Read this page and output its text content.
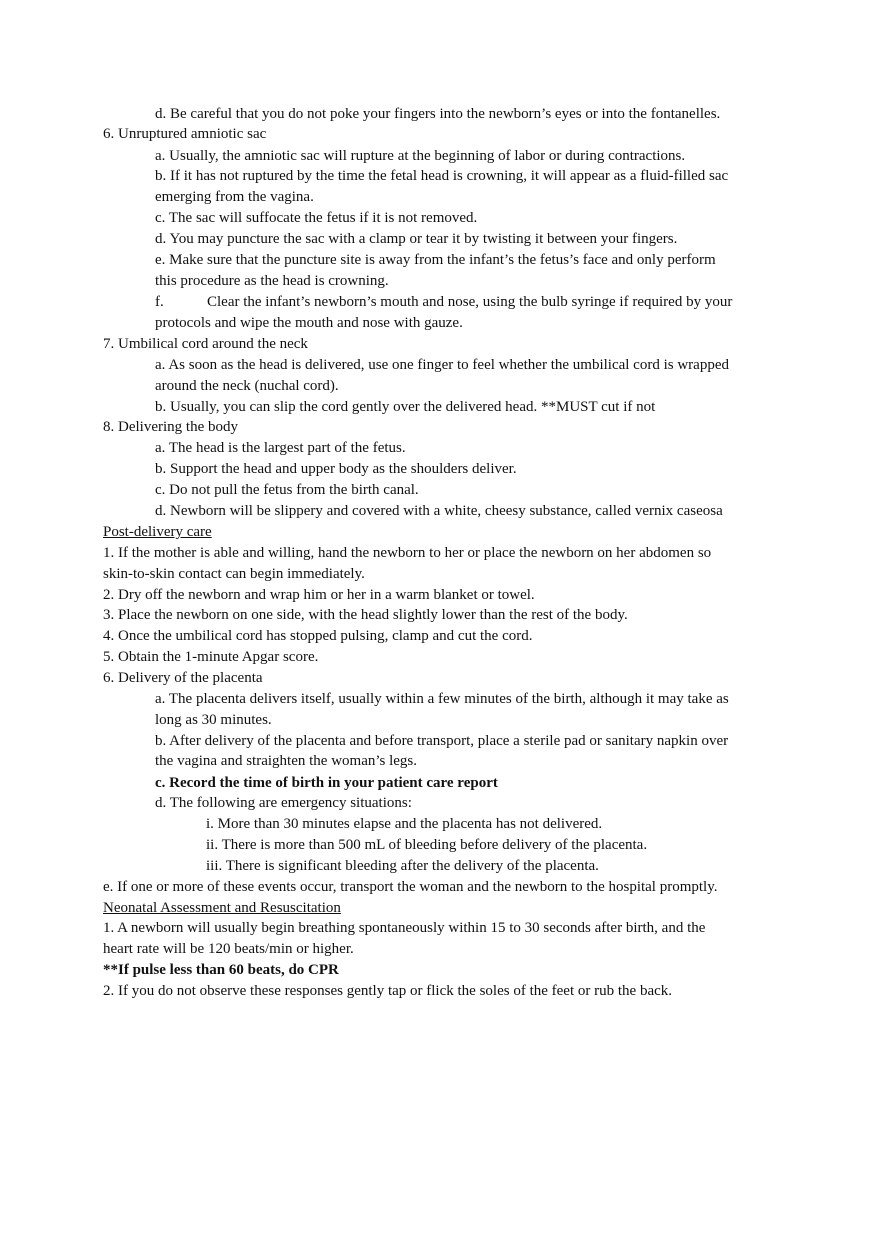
d. Be careful that you do not poke your fingers into the newborn’s eyes or into the fontanelles.
6. Unruptured amniotic sac
a. Usually, the amniotic sac will rupture at the beginning of labor or during contractions.
b. If it has not ruptured by the time the fetal head is crowning, it will appear as a fluid-filled sac
emerging from the vagina.
c. The sac will suffocate the fetus if it is not removed.
d. You may puncture the sac with a clamp or tear it by twisting it between your fingers.
e. Make sure that the puncture site is away from the infant’s the fetus’s face and only perform
this procedure as the head is crowning.
f.	Clear the infant’s newborn’s mouth and nose, using the bulb syringe if required by your
protocols and wipe the mouth and nose with gauze.
7. Umbilical cord around the neck
a. As soon as the head is delivered, use one finger to feel whether the umbilical cord is wrapped
around the neck (nuchal cord).
b. Usually, you can slip the cord gently over the delivered head. **MUST cut if not
8. Delivering the body
a. The head is the largest part of the fetus.
b. Support the head and upper body as the shoulders deliver.
c. Do not pull the fetus from the birth canal.
d. Newborn will be slippery and covered with a white, cheesy substance, called vernix caseosa
Post-delivery care
1. If the mother is able and willing, hand the newborn to her or place the newborn on her abdomen so
skin-to-skin contact can begin immediately.
2. Dry off the newborn and wrap him or her in a warm blanket or towel.
3. Place the newborn on one side, with the head slightly lower than the rest of the body.
4. Once the umbilical cord has stopped pulsing, clamp and cut the cord.
5. Obtain the 1-minute Apgar score.
6. Delivery of the placenta
a. The placenta delivers itself, usually within a few minutes of the birth, although it may take as
long as 30 minutes.
b. After delivery of the placenta and before transport, place a sterile pad or sanitary napkin over
the vagina and straighten the woman’s legs.
c. Record the time of birth in your patient care report
d. The following are emergency situations:
i. More than 30 minutes elapse and the placenta has not delivered.
ii. There is more than 500 mL of bleeding before delivery of the placenta.
iii. There is significant bleeding after the delivery of the placenta.
e. If one or more of these events occur, transport the woman and the newborn to the hospital promptly.
Neonatal Assessment and Resuscitation
1. A newborn will usually begin breathing spontaneously within 15 to 30 seconds after birth, and the
heart rate will be 120 beats/min or higher.
**If pulse less than 60 beats, do CPR
2. If you do not observe these responses gently tap or flick the soles of the feet or rub the back.
